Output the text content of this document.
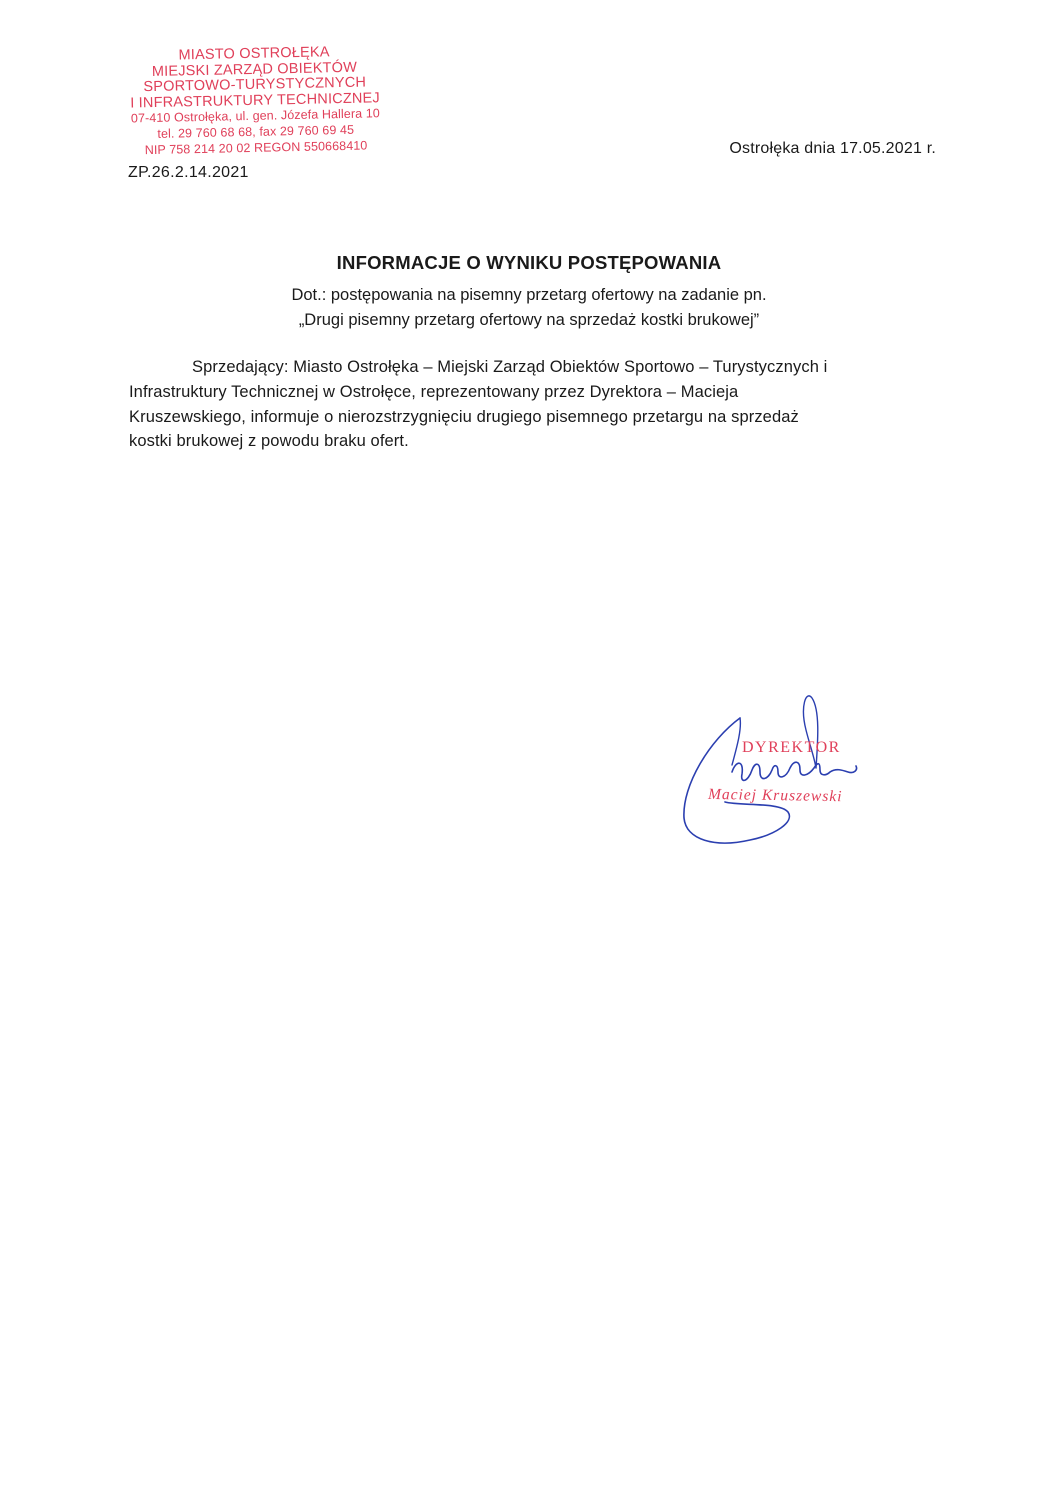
MIASTO OSTROŁĘKA
MIEJSKI ZARZĄD OBIEKTÓW
SPORTOWO-TURYSTYCZNYCH
I INFRASTRUKTURY TECHNICZNEJ
07-410 Ostrołęka, ul. gen. Józefa Hallera 10
tel. 29 760 68 68, fax 29 760 69 45
NIP 758 214 20 02 REGON 550668410
ZP.26.2.14.2021
Ostrołęka dnia 17.05.2021 r.
INFORMACJE O WYNIKU POSTĘPOWANIA
Dot.: postępowania na pisemny przetarg ofertowy na zadanie pn.
„Drugi pisemny przetarg ofertowy na sprzedaż kostki brukowej”
Sprzedający: Miasto Ostrołęka – Miejski Zarząd Obiektów Sportowo – Turystycznych i
Infrastruktury Technicznej w Ostrołęce, reprezentowany przez Dyrektora – Macieja
Kruszewskiego, informuje o nierozstrzygnięciu drugiego pisemnego przetargu na sprzedaż
kostki brukowej z powodu braku ofert.
DYREKTOR
Maciej Kruszewski
